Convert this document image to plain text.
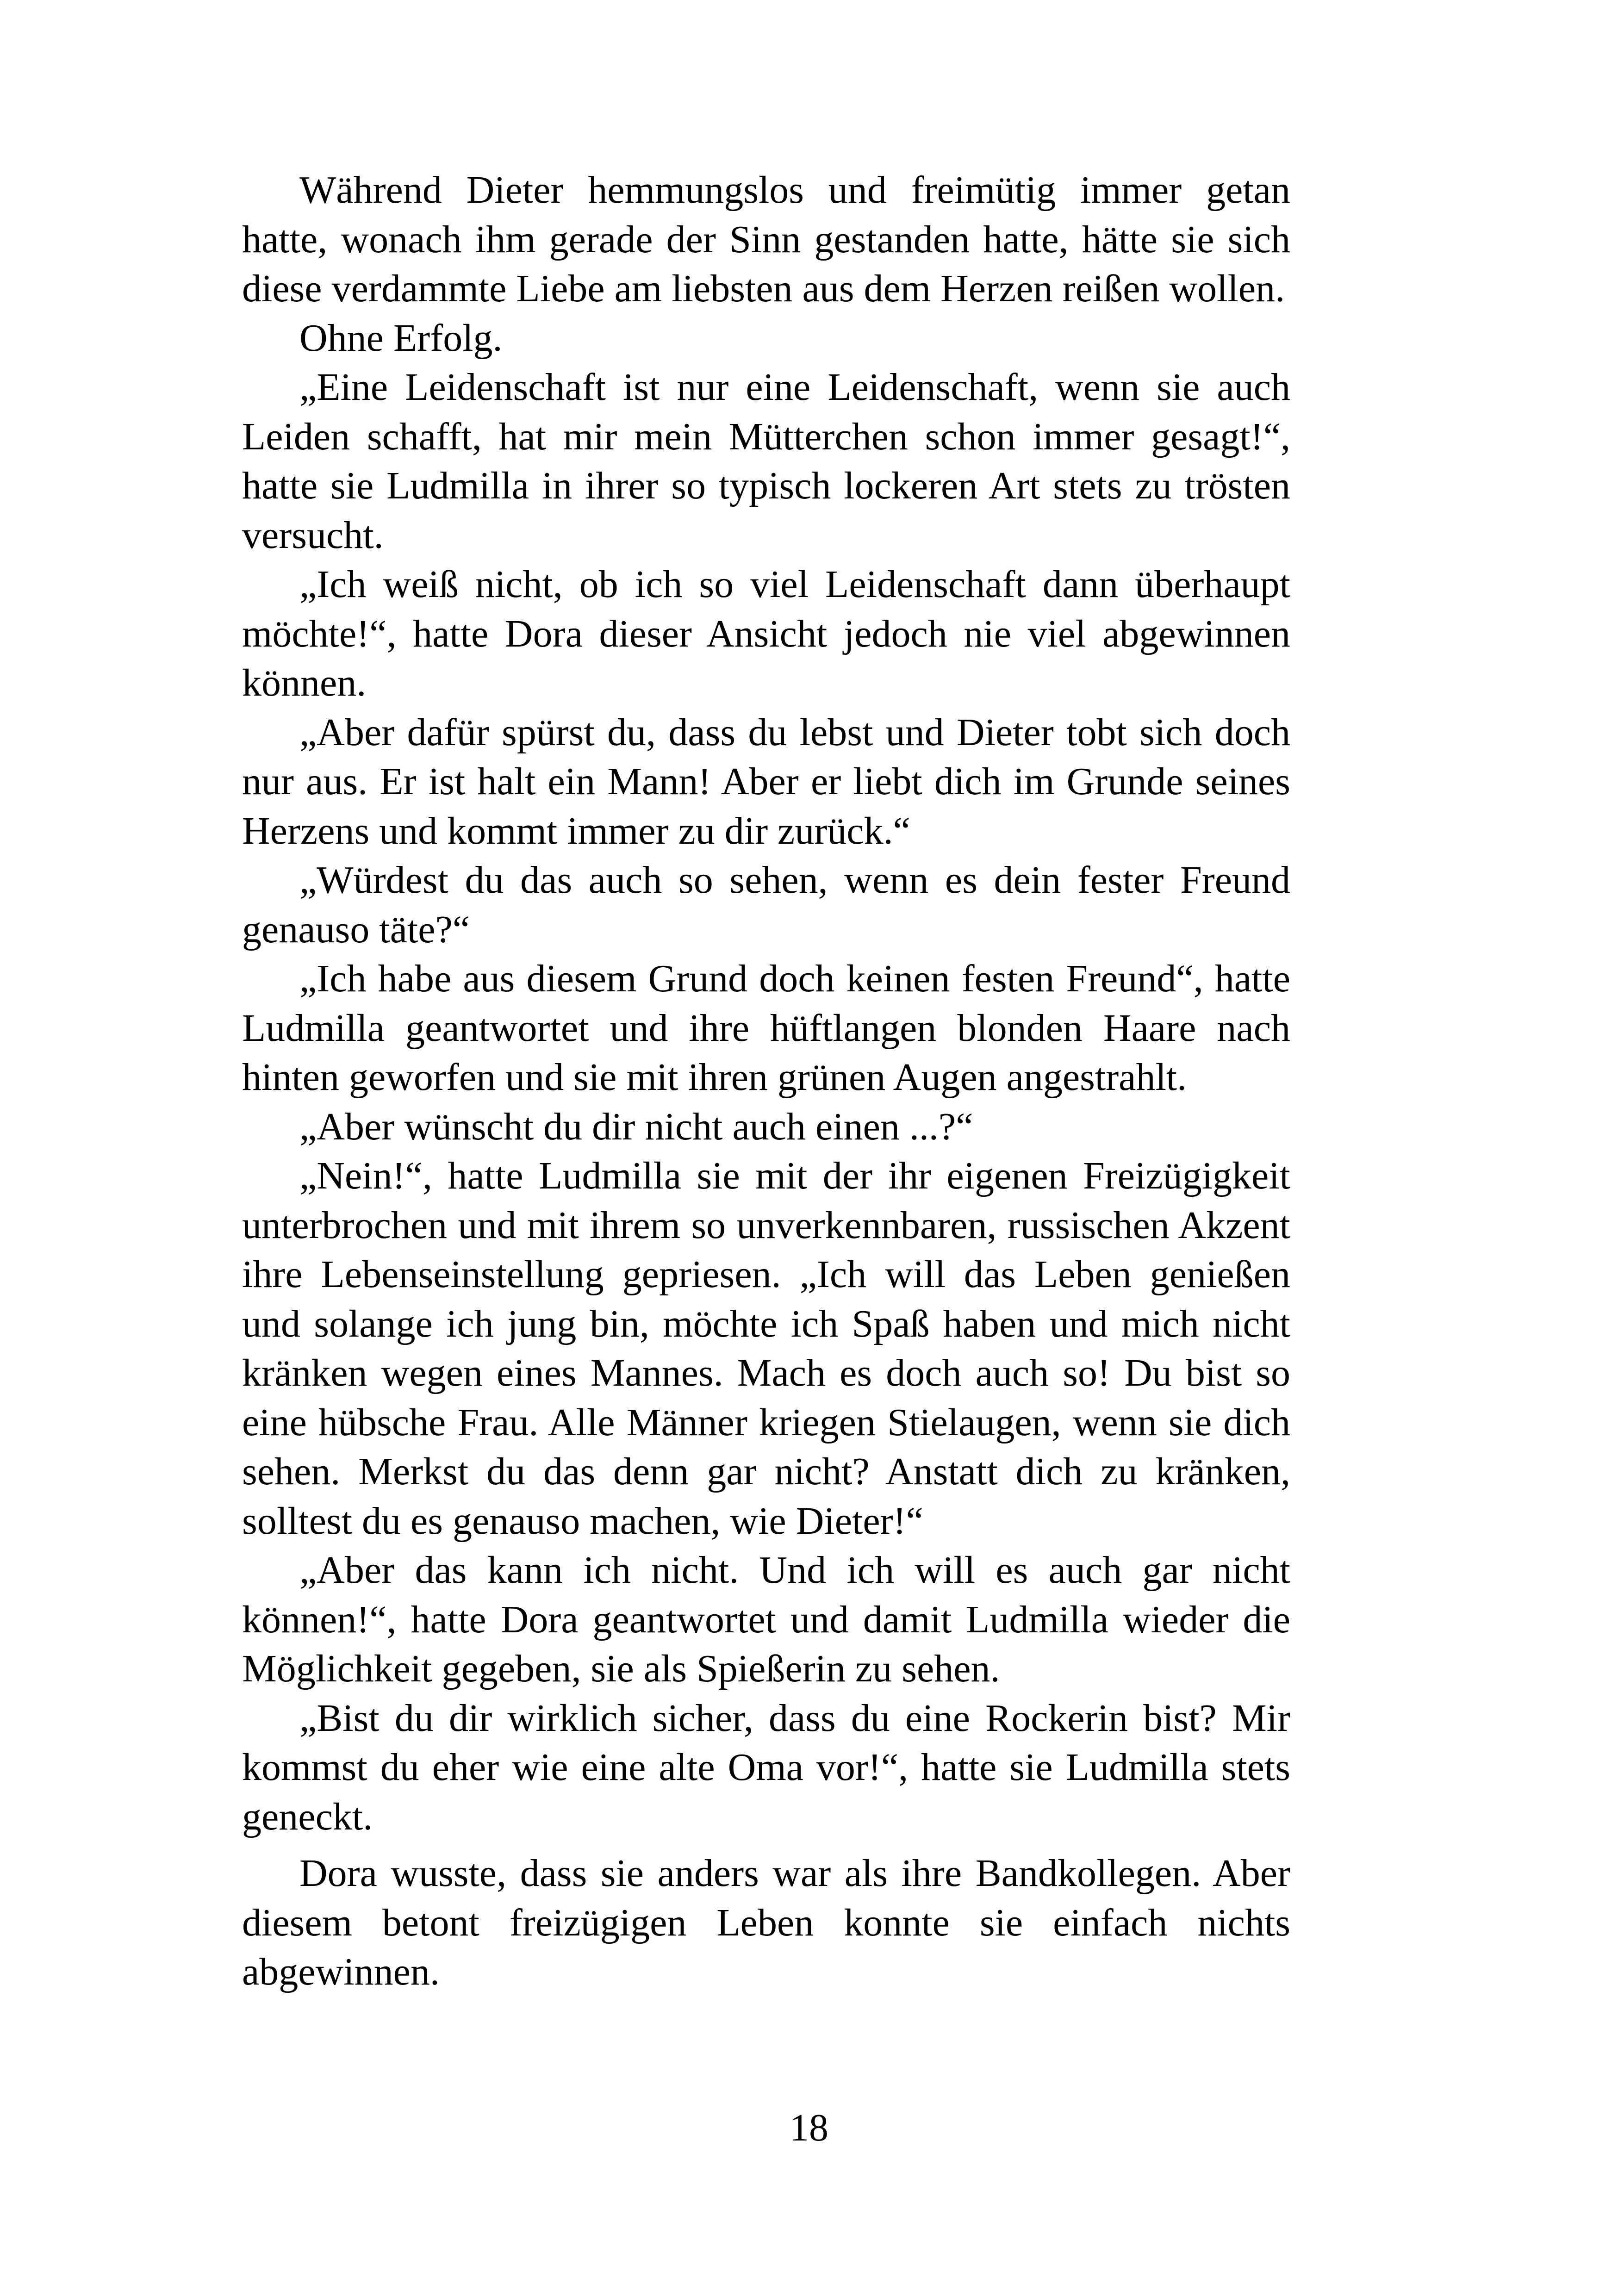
Während Dieter hemmungslos und freimütig immer getan hatte, wonach ihm gerade der Sinn gestanden hatte, hätte sie sich diese verdammte Liebe am liebsten aus dem Herzen reißen wollen.

Ohne Erfolg.

„Eine Leidenschaft ist nur eine Leidenschaft, wenn sie auch Leiden schafft, hat mir mein Mütterchen schon immer gesagt!“, hatte sie Ludmilla in ihrer so typisch lockeren Art stets zu trösten versucht.

„Ich weiß nicht, ob ich so viel Leidenschaft dann überhaupt möchte!“, hatte Dora dieser Ansicht jedoch nie viel abgewinnen können.

„Aber dafür spürst du, dass du lebst und Dieter tobt sich doch nur aus. Er ist halt ein Mann! Aber er liebt dich im Grunde seines Herzens und kommt immer zu dir zurück.“

„Würdest du das auch so sehen, wenn es dein fester Freund genauso täte?“

„Ich habe aus diesem Grund doch keinen festen Freund“, hatte Ludmilla geantwortet und ihre hüftlangen blonden Haare nach hinten geworfen und sie mit ihren grünen Augen angestrahlt.

„Aber wünscht du dir nicht auch einen ...?“

„Nein!“, hatte Ludmilla sie mit der ihr eigenen Freizügigkeit unterbrochen und mit ihrem so unverkennbaren, russischen Akzent ihre Lebenseinstellung gepriesen. „Ich will das Leben genießen und solange ich jung bin, möchte ich Spaß haben und mich nicht kränken wegen eines Mannes. Mach es doch auch so! Du bist so eine hübsche Frau. Alle Männer kriegen Stielaugen, wenn sie dich sehen. Merkst du das denn gar nicht? Anstatt dich zu kränken, solltest du es genauso machen, wie Dieter!“

„Aber das kann ich nicht. Und ich will es auch gar nicht können!“, hatte Dora geantwortet und damit Ludmilla wieder die Möglichkeit gegeben, sie als Spießerin zu sehen.

„Bist du dir wirklich sicher, dass du eine Rockerin bist? Mir kommst du eher wie eine alte Oma vor!“, hatte sie Ludmilla stets geneckt.

Dora wusste, dass sie anders war als ihre Bandkollegen. Aber diesem betont freizügigen Leben konnte sie einfach nichts abgewinnen.

18
